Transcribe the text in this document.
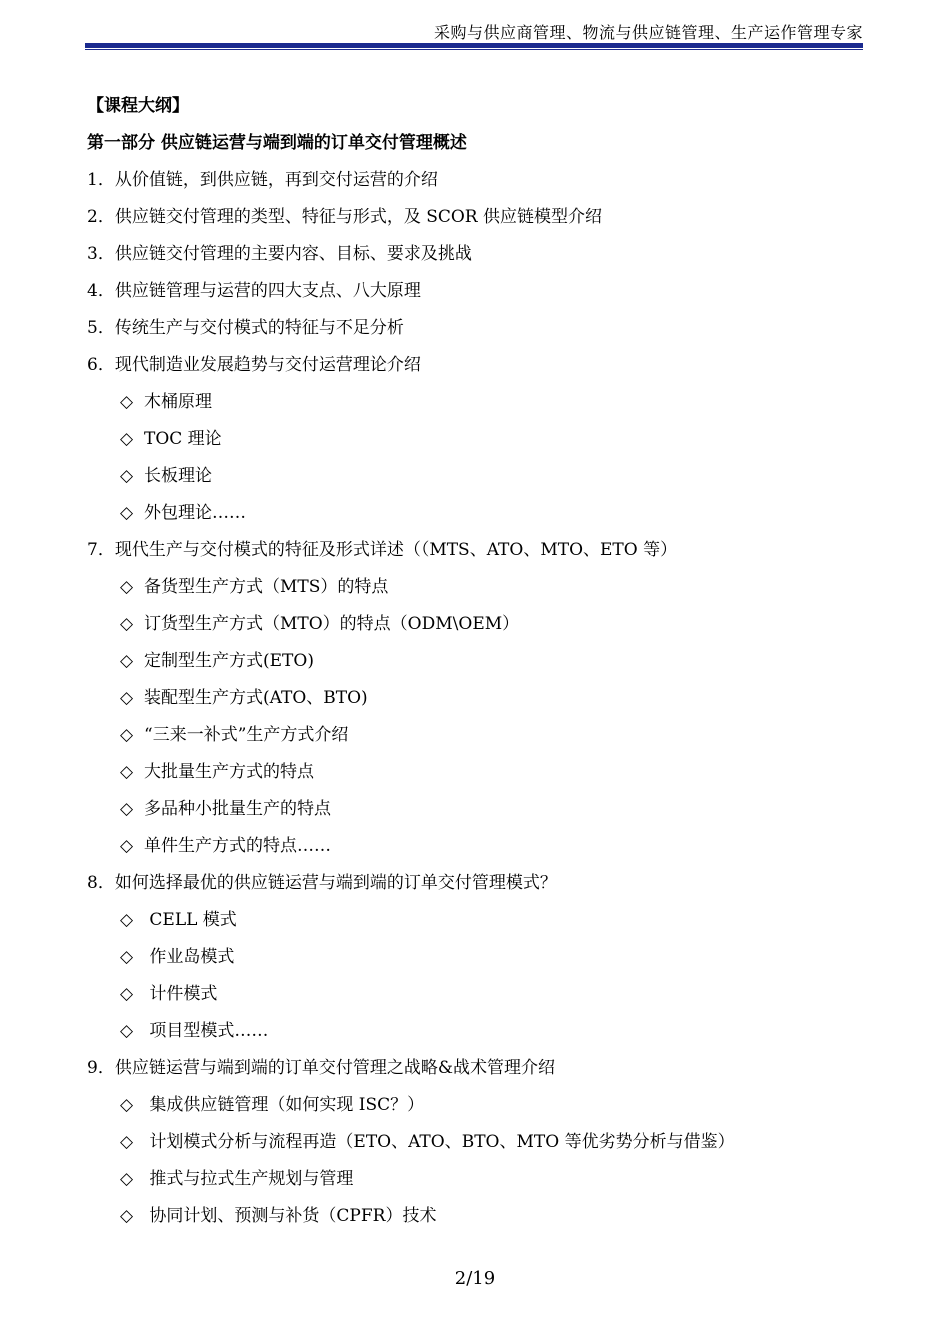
采购与供应商管理、物流与供应链管理、生产运作管理专家
【课程大纲】
第一部分 供应链运营与端到端的订单交付管理概述
1．从价值链，到供应链，再到交付运营的介绍
2．供应链交付管理的类型、特征与形式，及 SCOR 供应链模型介绍
3．供应链交付管理的主要内容、目标、要求及挑战
4．供应链管理与运营的四大支点、八大原理
5．传统生产与交付模式的特征与不足分析
6．现代制造业发展趋势与交付运营理论介绍
◇ 木桶原理
◇ TOC 理论
◇ 长板理论
◇ 外包理论……
7．现代生产与交付模式的特征及形式详述（（MTS、ATO、MTO、ETO 等）
◇ 备货型生产方式（MTS）的特点
◇ 订货型生产方式（MTO）的特点（ODM\OEM）
◇ 定制型生产方式(ETO)
◇ 装配型生产方式(ATO、BTO)
◇ “三来一补式”生产方式介绍
◇ 大批量生产方式的特点
◇ 多品种小批量生产的特点
◇ 单件生产方式的特点……
8．如何选择最优的供应链运营与端到端的订单交付管理模式？
◇ CELL 模式
◇ 作业岛模式
◇ 计件模式
◇ 项目型模式……
9．供应链运营与端到端的订单交付管理之战略&战术管理介绍
◇ 集成供应链管理（如何实现 ISC？）
◇ 计划模式分析与流程再造（ETO、ATO、BTO、MTO 等优劣势分析与借鉴）
◇ 推式与拉式生产规划与管理
◇ 协同计划、预测与补货（CPFR）技术
2/19
